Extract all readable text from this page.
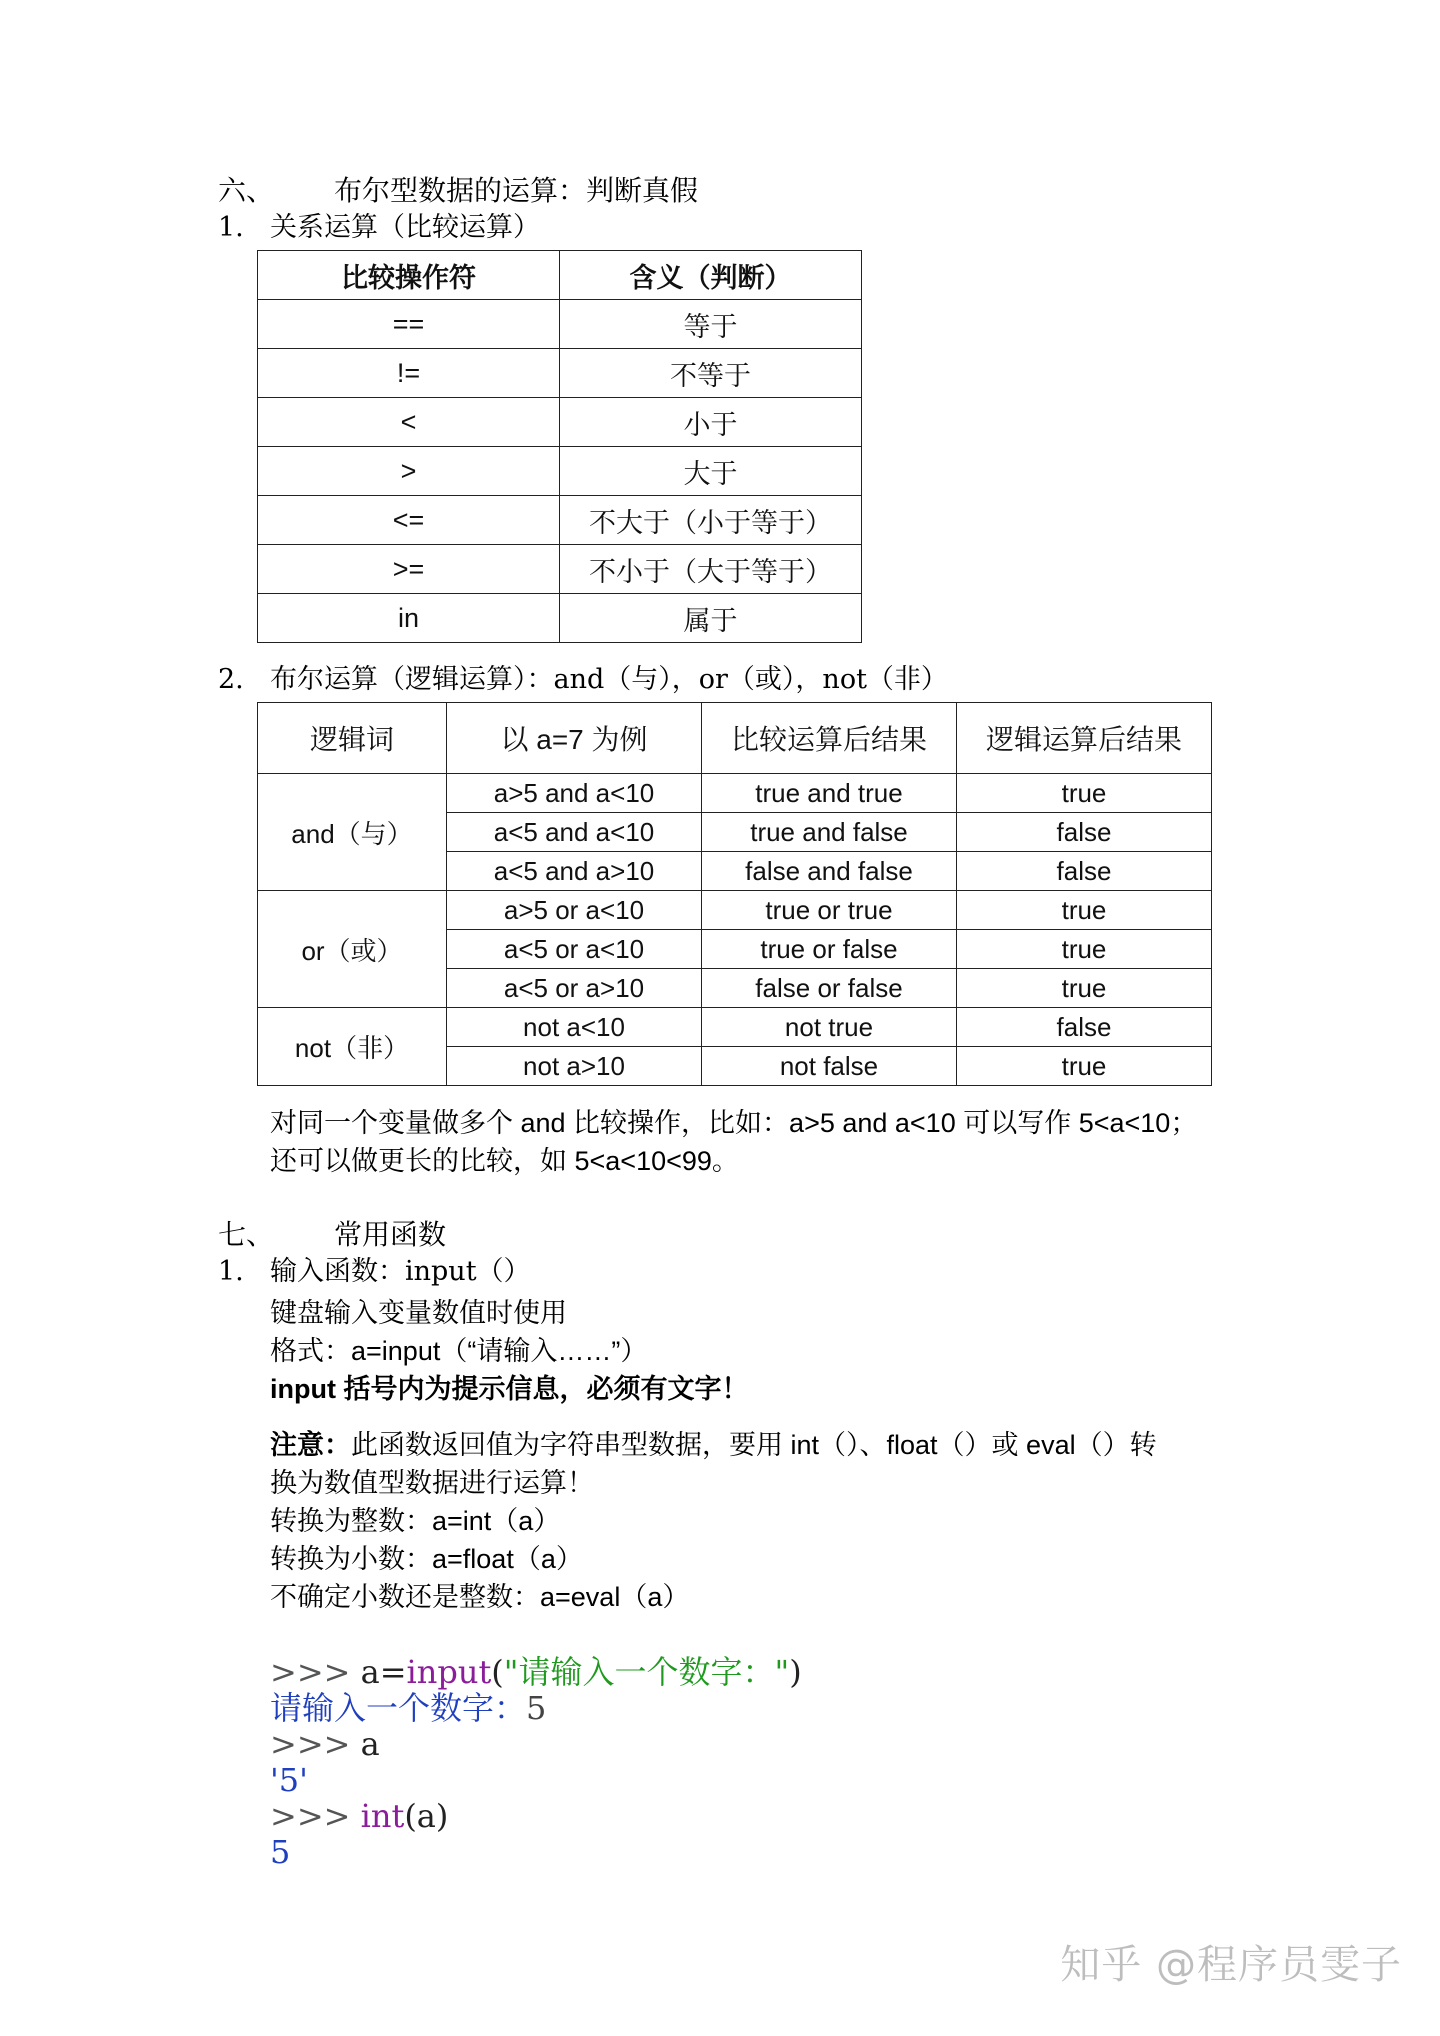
六、 布尔型数据的运算：判断真假
1. 关系运算（比较运算）
比较操作符	含义（判断）
==	等于
!=	不等于
<	小于
>	大于
<=	不大于（小于等于）
>=	不小于（大于等于）
in	属于
2. 布尔运算（逻辑运算）：and（与），or（或），not（非）
逻辑词	以 a=7 为例	比较运算后结果	逻辑运算后结果
and（与）	a>5 and a<10	true and true	true
	a<5 and a<10	true and false	false
	a<5 and a>10	false and false	false
or（或）	a>5 or a<10	true or true	true
	a<5 or a<10	true or false	true
	a<5 or a>10	false or false	true
not（非）	not a<10	not true	false
	not a>10	not false	true
对同一个变量做多个 and 比较操作，比如：a>5 and a<10 可以写作 5<a<10；
还可以做更长的比较，如 5<a<10<99。
七、 常用函数
1. 输入函数：input（）
键盘输入变量数值时使用
格式：a=input（“请输入……”）
input 括号内为提示信息，必须有文字！
注意：此函数返回值为字符串型数据，要用 int（）、float（）或 eval（）转
换为数值型数据进行运算！
转换为整数：a=int（a）
转换为小数：a=float（a）
不确定小数还是整数：a=eval（a）

>>> a=input("请输入一个数字：")
请输入一个数字：5
>>> a
'5'
>>> int(a)
5

知乎 @程序员雯子
